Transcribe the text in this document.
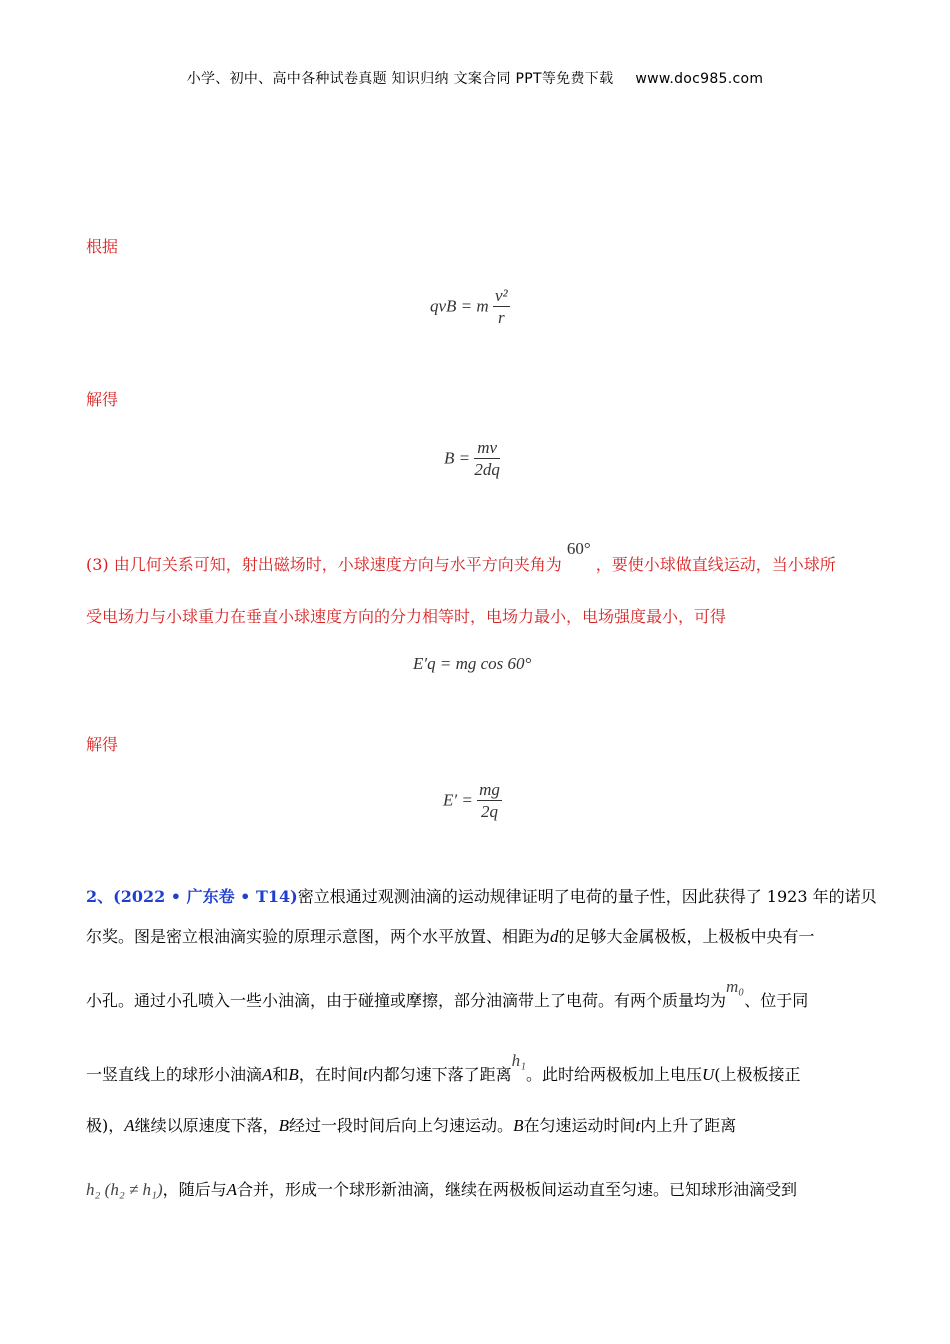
小学、初中、高中各种试卷真题 知识归纳 文案合同 PPT等免费下载 www.doc985.com
根据
qvB = m $\frac{\text{v²}}{r}$
解得
$B = \frac{mv}{2dq}$
(3) 由几何关系可知，射出磁场时，小球速度方向与水平方向夹角为 60° ，要使小球做直线运动，当小球所
受电场力与小球重力在垂直小球速度方向的分力相等时，电场力最小，电场强度最小，可得
E′q = mg cos 60°
解得
$E' = \frac{mg}{2q}$
2、(2022 • 广东卷 • T14)密立根通过观测油滴的运动规律证明了电荷的量子性，因此获得了 1923 年的诺贝
尔奖。图是密立根油滴实验的原理示意图，两个水平放置、相距为d的足够大金属极板，上极板中央有一
小孔。通过小孔喷入一些小油滴，由于碰撞或摩擦，部分油滴带上了电荷。有两个质量均为m₀、位于同
一竖直线上的球形小油滴A和B，在时间t内都匀速下落了距离h₁。此时给两极板加上电压U(上极板接正
极)，A继续以原速度下落，B经过一段时间后向上匀速运动。B在匀速运动时间t内上升了距离
h₂ (h₂ ≠ h₁)，随后与A合并，形成一个球形新油滴，继续在两极板间运动直至匀速。已知球形油滴受到
